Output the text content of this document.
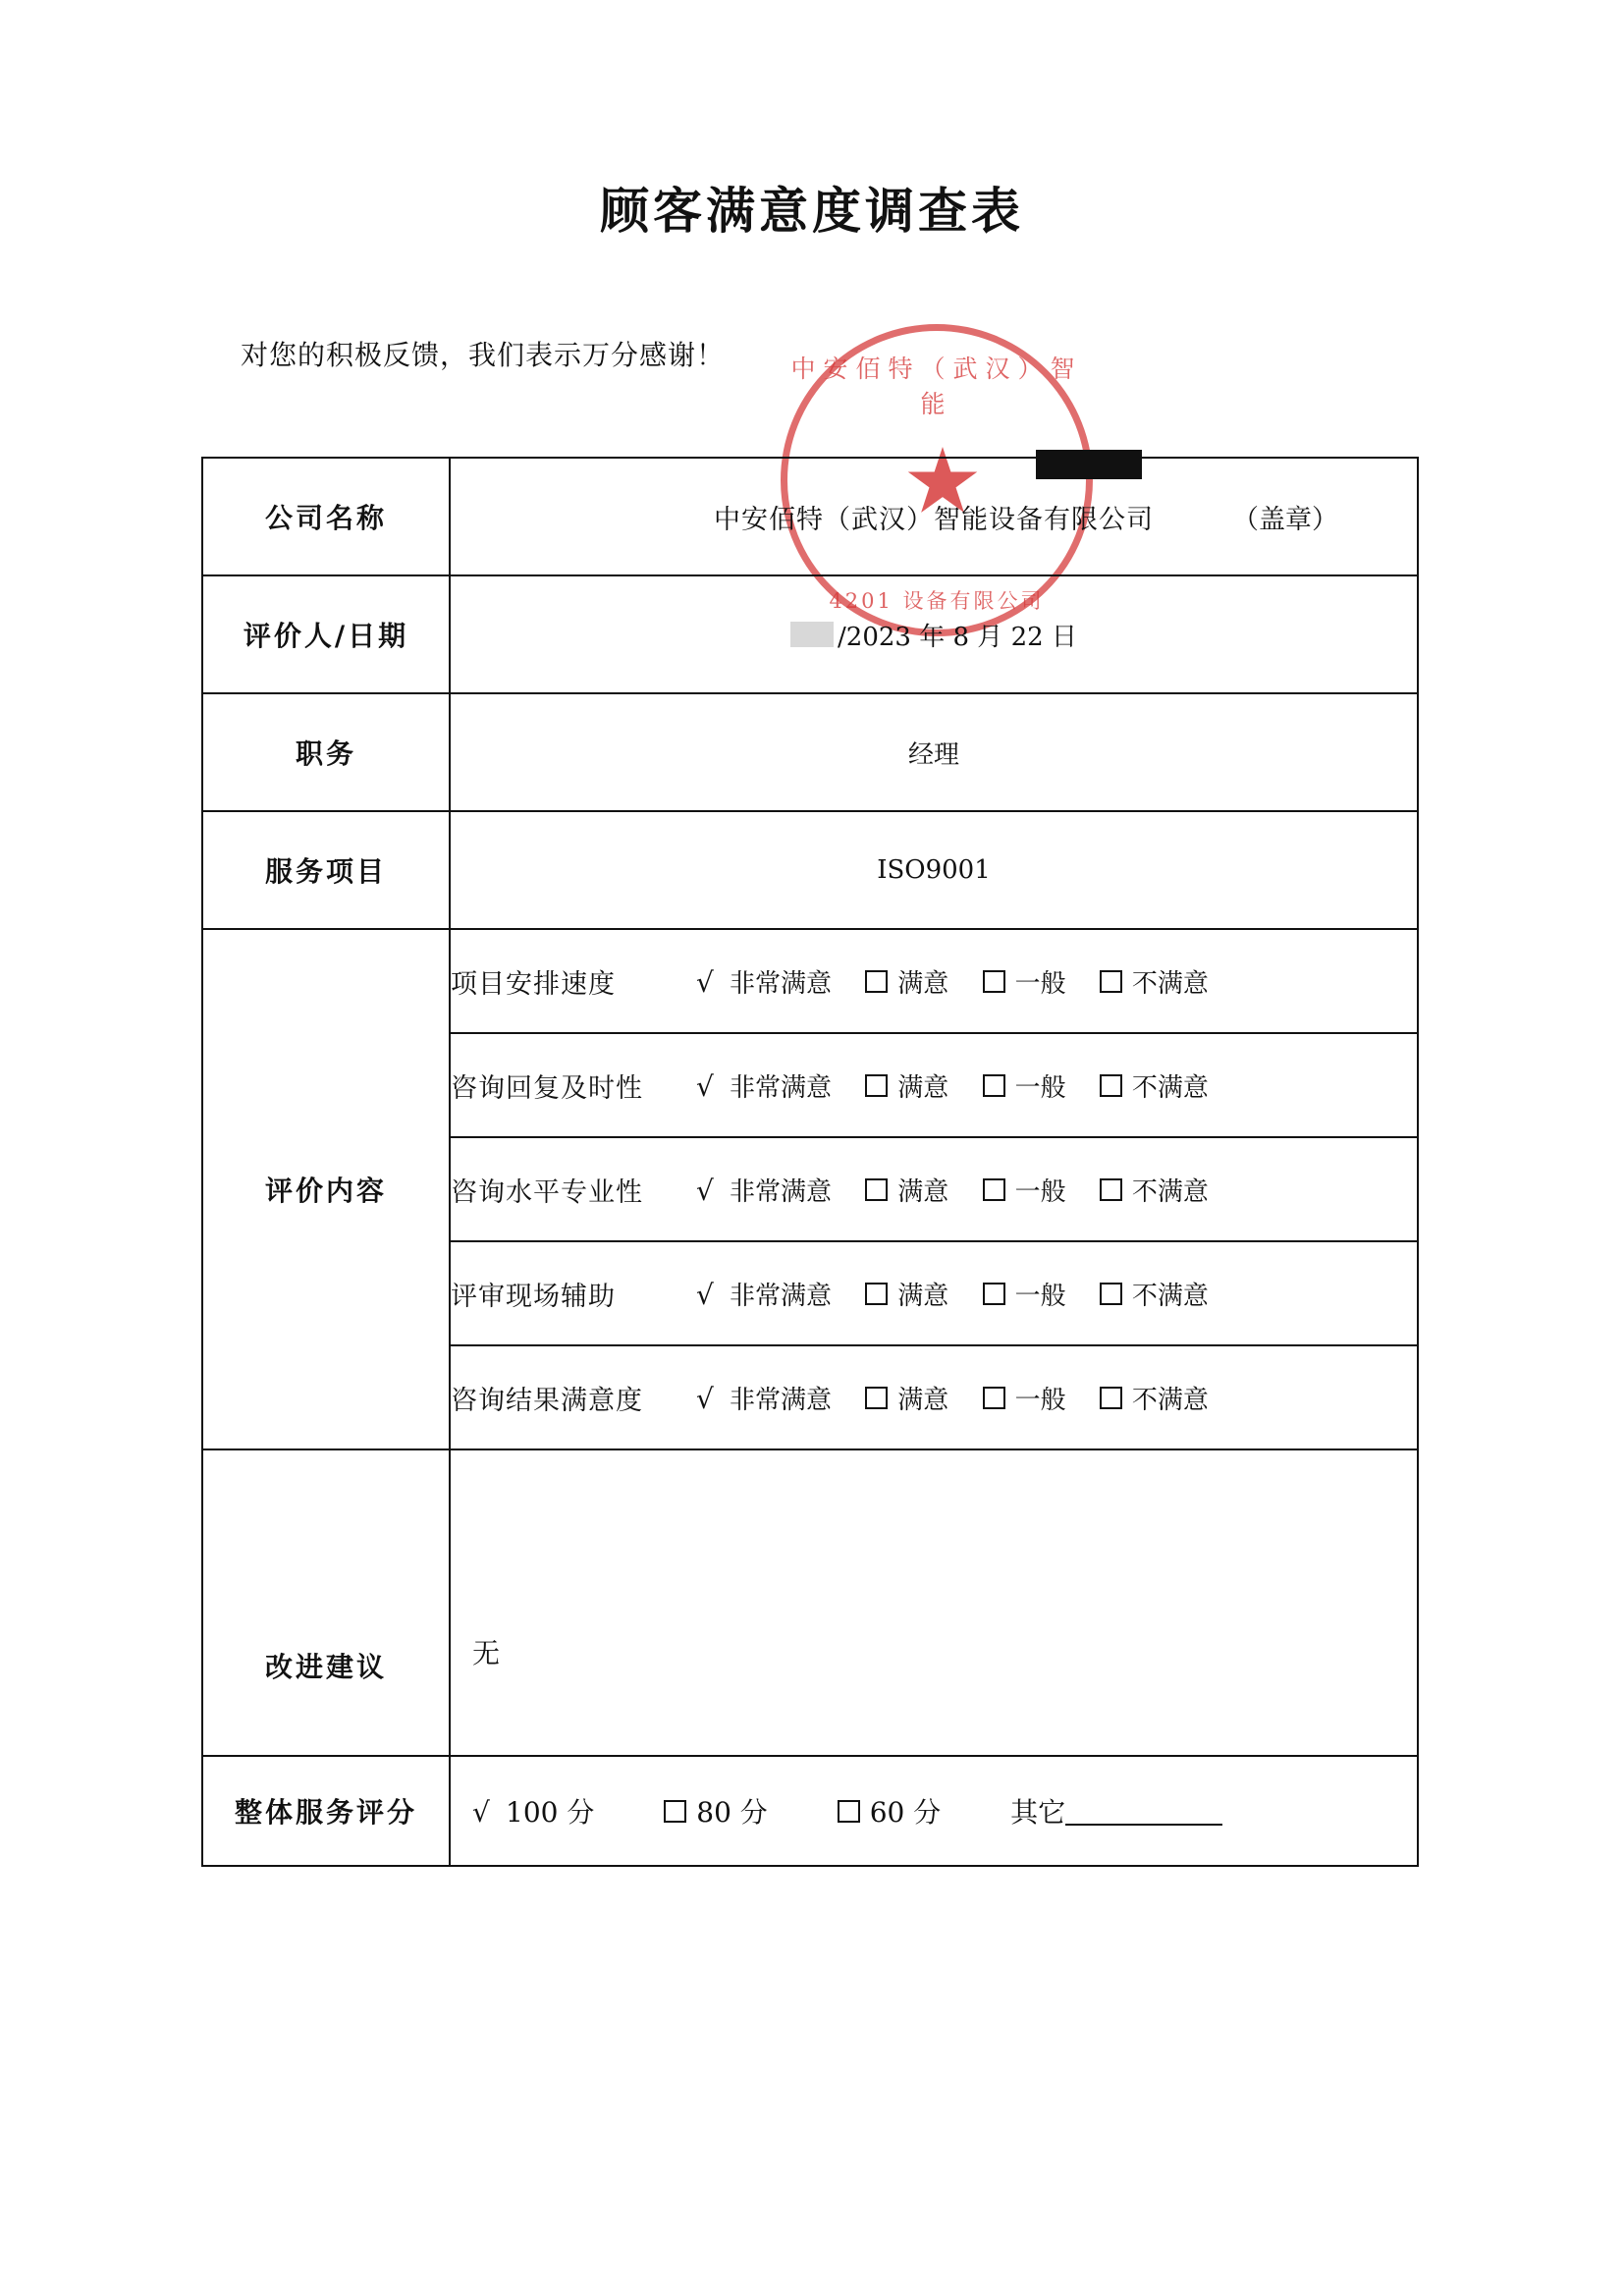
顾客满意度调查表
对您的积极反馈，我们表示万分感谢！	中安佰特（武汉）智能
★
4201 设备有限公司
公司名称	中安佰特（武汉）智能设备有限公司	（盖章）

评价人/日期	/2023 年 8 月 22 日

职务	经理
服务项目	ISO9001
评价内容	
项目安排速度	√ 非常满意	满意	一般	不满意
咨询回复及时性	√ 非常满意	满意	一般	不满意
咨询水平专业性	√ 非常满意	满意	一般	不满意
评审现场辅助	√ 非常满意	满意	一般	不满意
咨询结果满意度	√ 非常满意	满意	一般	不满意

改进建议	无

整体服务评分	√ 100 分	80 分	60 分	其它
